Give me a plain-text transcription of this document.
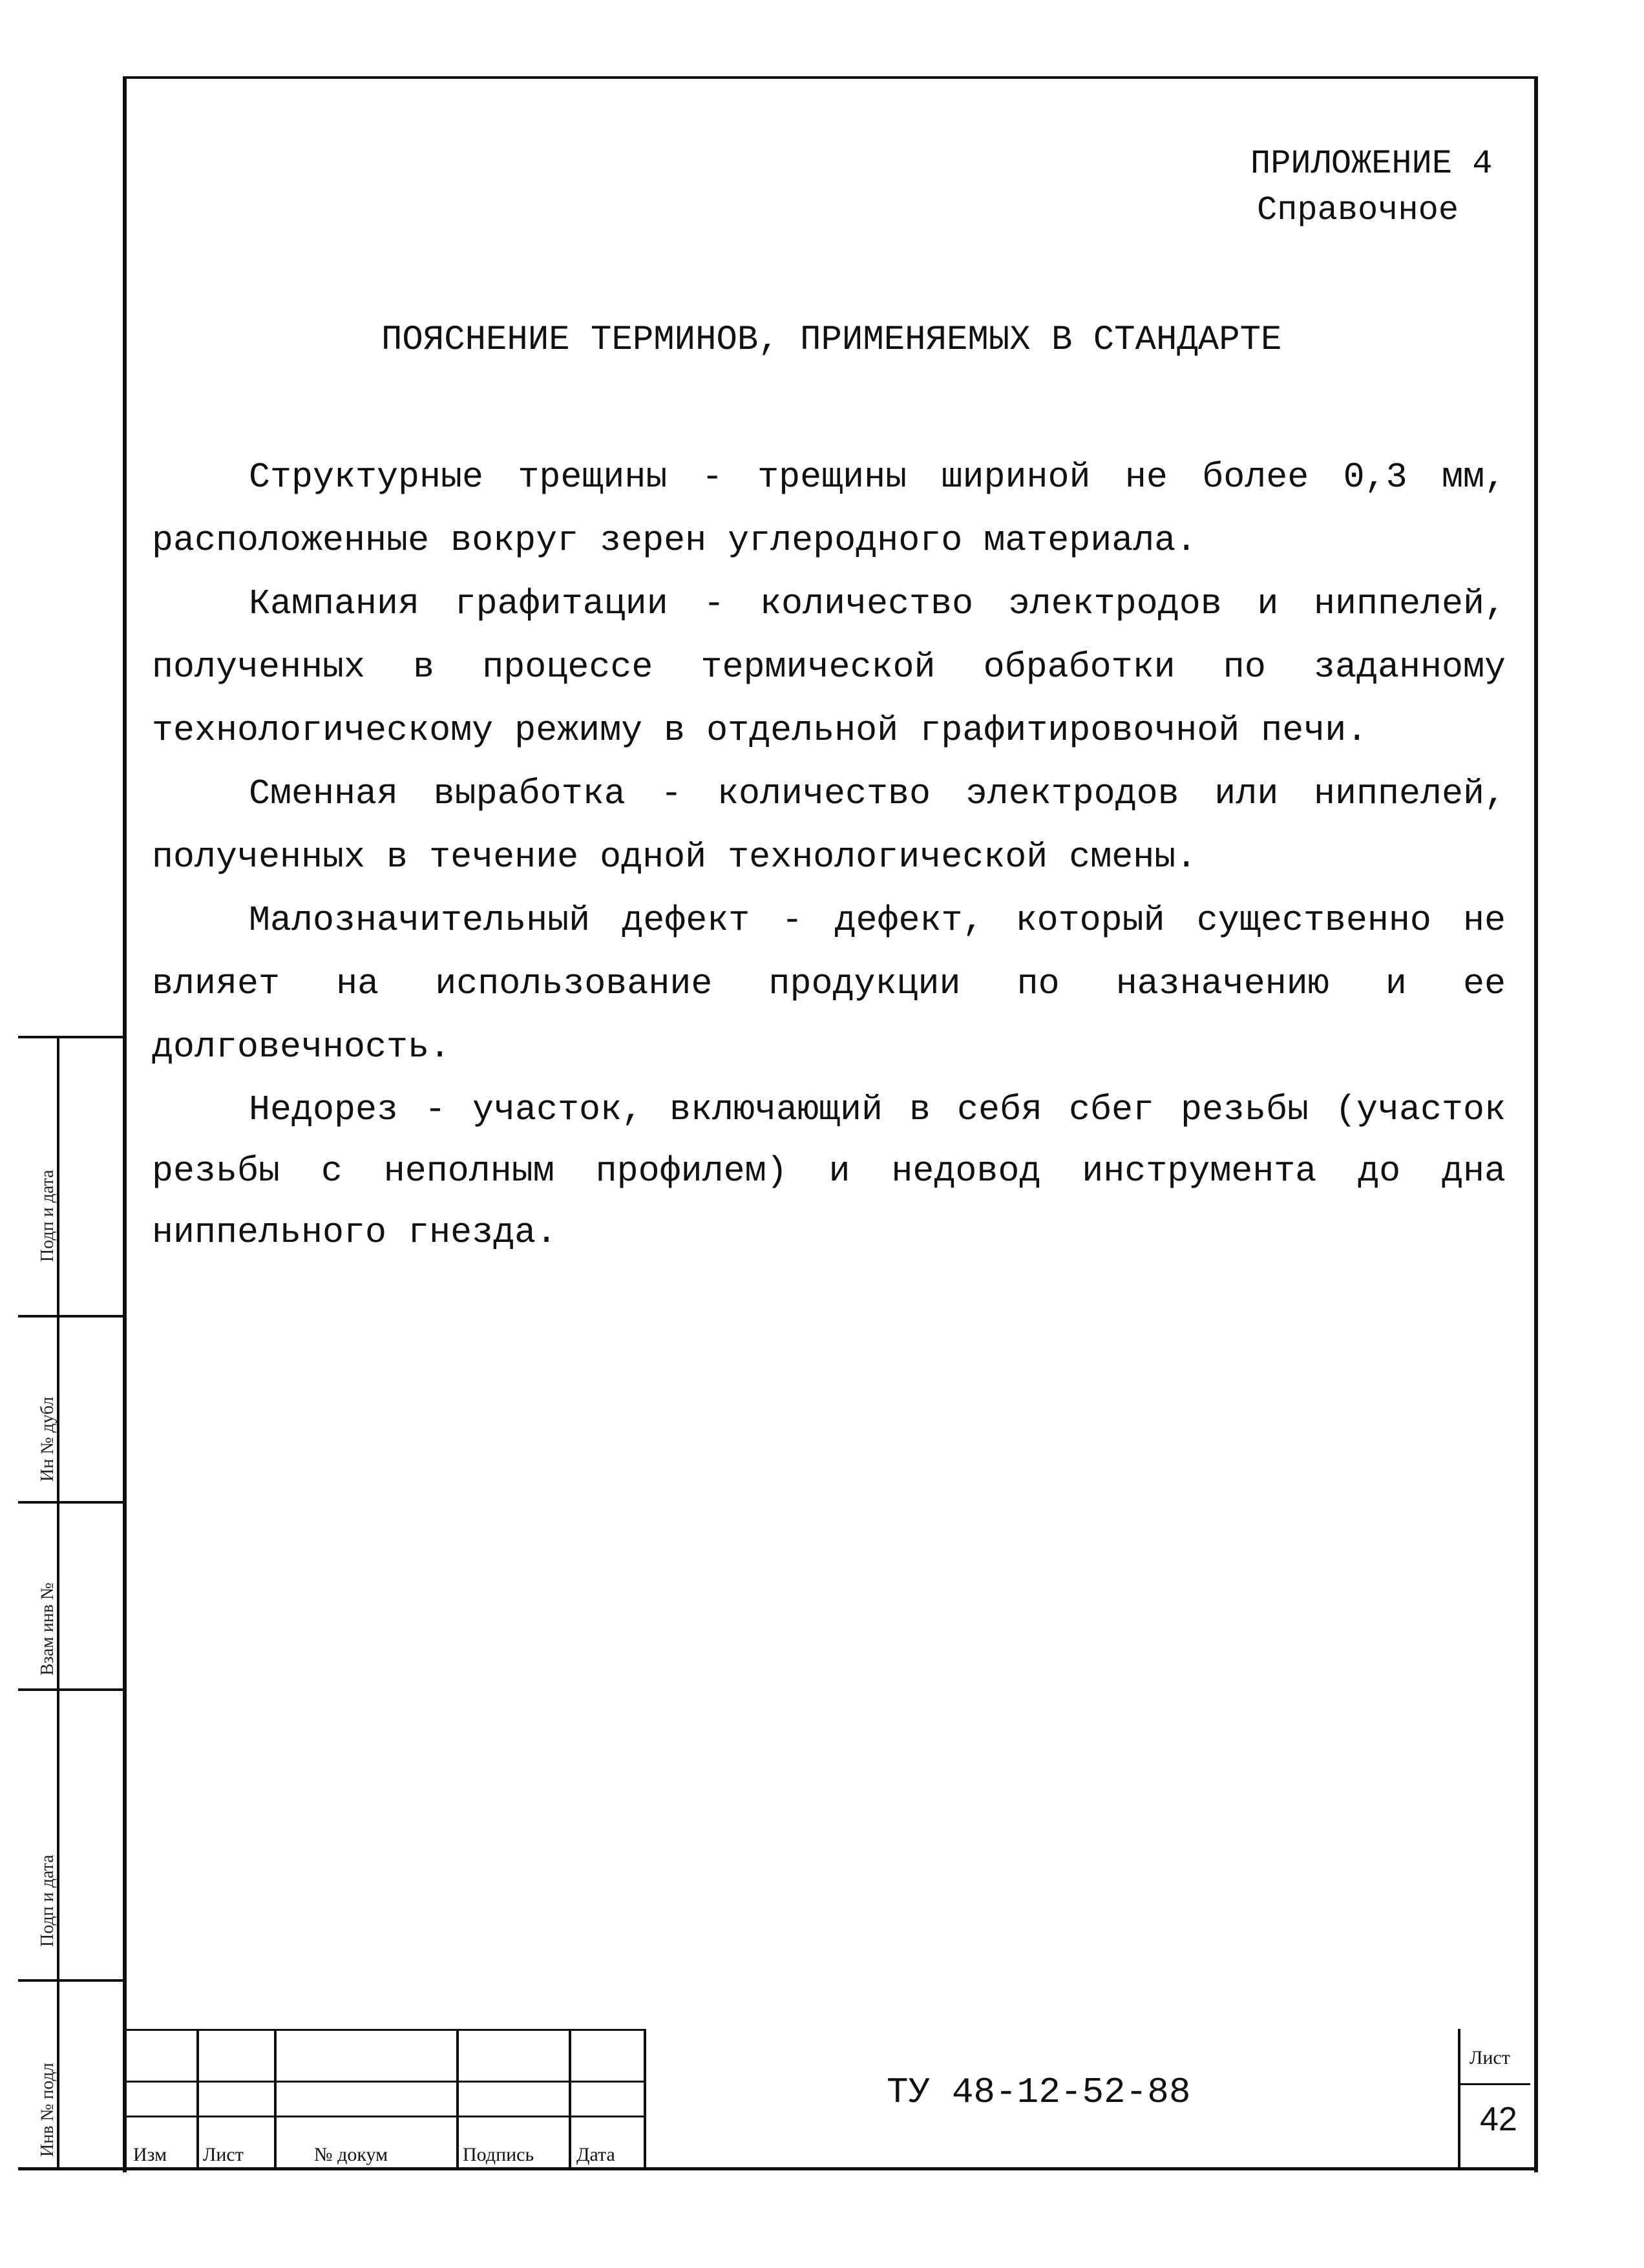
ПРИЛОЖЕНИЕ 4
Справочное
ПОЯСНЕНИЕ ТЕРМИНОВ, ПРИМЕНЯЕМЫХ В СТАНДАРТЕ

Структурные трещины - трещины шириной не более 0,3 мм, расположенные вокруг зерен углеродного материала.

Кампания графитации - количество электродов и ниппелей, полученных в процессе термической обработки по заданному технологическому режиму в отдельной графитировочной печи.

Сменная выработка - количество электродов или ниппелей, полученных в течение одной технологической смены.

Малозначительный дефект - дефект, который существенно не влияет на использование продукции по назначению и ее долговечность.

Недорез - участок, включающий в себя сбег резьбы (участок резьбы с неполным профилем) и недовод инструмента до дна ниппельного гнезда.

Подп и дата
Ин № дубл
Взам инв №
Подп и дата
Инв № подл	Изм Лист	№ докум	Подпись Дата
ТУ 48-12-52-88
Лист
42
